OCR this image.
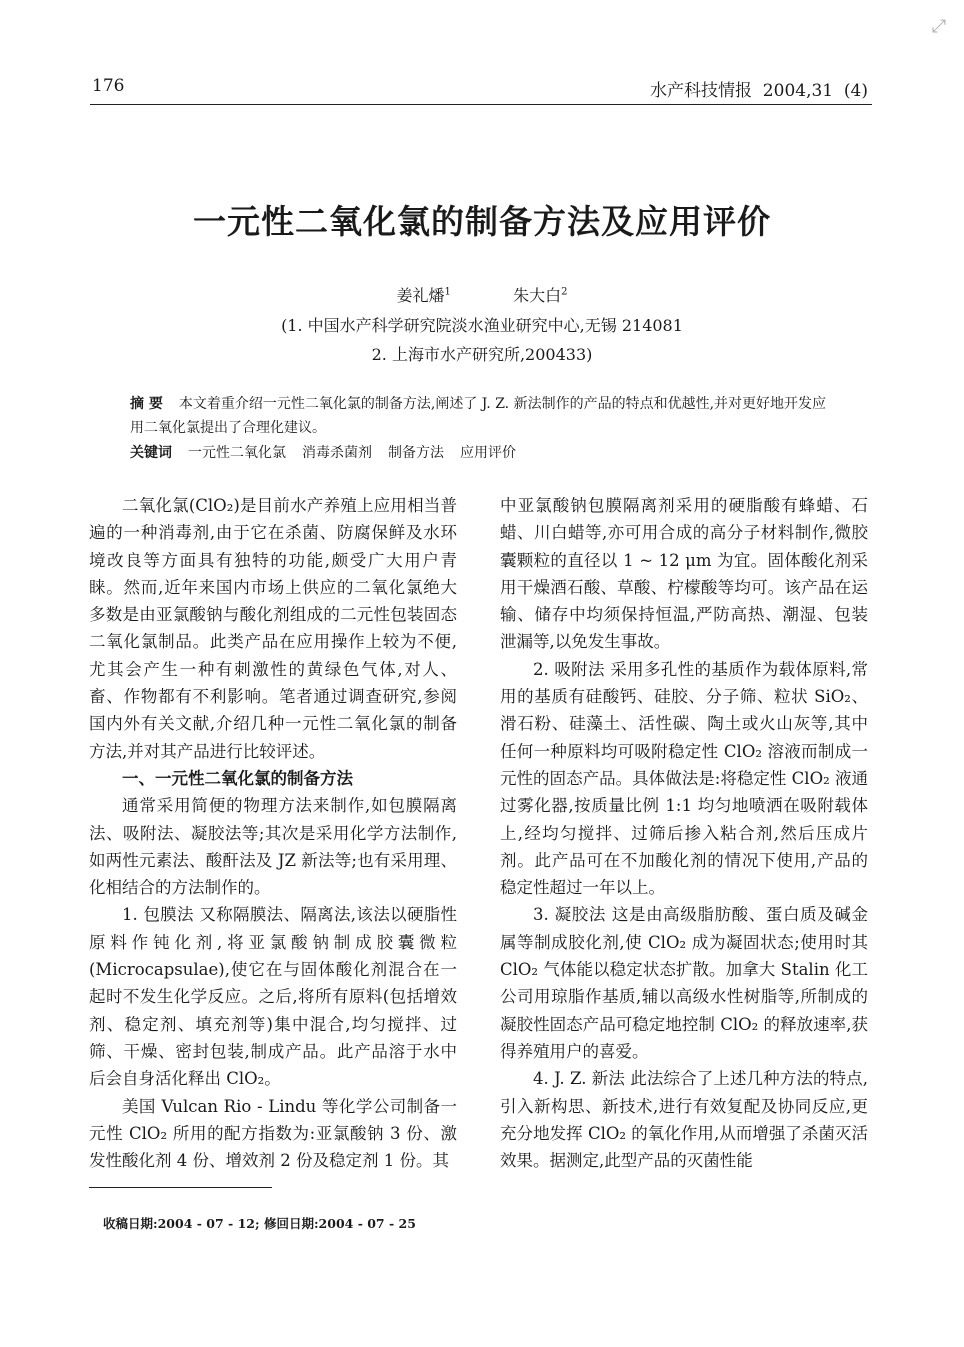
⤢
176	水产科技情报  2004,31  (4)
一元性二氧化氯的制备方法及应用评价
姜礼燔$^1$	朱大白$^2$
(1. 中国水产科学研究院淡水渔业研究中心,无锡 214081
2. 上海市水产研究所,200433)
摘 要 本文着重介绍一元性二氧化氯的制备方法,阐述了 J. Z. 新法制作的产品的特点和优越性,并对更好地开发应用二氧化氯提出了合理化建议。
关键词 一元性二氧化氯 消毒杀菌剂 制备方法 应用评价

二氧化氯(ClO₂)是目前水产养殖上应用相当普遍的一种消毒剂,由于它在杀菌、防腐保鲜及水环境改良等方面具有独特的功能,颇受广大用户青睐。然而,近年来国内市场上供应的二氧化氯绝大多数是由亚氯酸钠与酸化剂组成的二元性包装固态二氧化氯制品。此类产品在应用操作上较为不便,尤其会产生一种有刺激性的黄绿色气体,对人、畜、作物都有不利影响。笔者通过调查研究,参阅国内外有关文献,介绍几种一元性二氧化氯的制备方法,并对其产品进行比较评述。

一、一元性二氧化氯的制备方法

通常采用简便的物理方法来制作,如包膜隔离法、吸附法、凝胶法等;其次是采用化学方法制作,如两性元素法、酸酐法及 JZ 新法等;也有采用理、化相结合的方法制作的。

1. 包膜法 又称隔膜法、隔离法,该法以硬脂性原料作钝化剂,将亚氯酸钠制成胶囊微粒(Microcapsulae),使它在与固体酸化剂混合在一起时不发生化学反应。之后,将所有原料(包括增效剂、稳定剂、填充剂等)集中混合,均匀搅拌、过筛、干燥、密封包装,制成产品。此产品溶于水中后会自身活化释出 ClO₂。

美国 Vulcan Rio - Lindu 等化学公司制备一元性 ClO₂ 所用的配方指数为:亚氯酸钠 3 份、激发性酸化剂 4 份、增效剂 2 份及稳定剂 1 份。其

中亚氯酸钠包膜隔离剂采用的硬脂酸有蜂蜡、石蜡、川白蜡等,亦可用合成的高分子材料制作,微胶囊颗粒的直径以 1 ~ 12 μm 为宜。固体酸化剂采用干燥酒石酸、草酸、柠檬酸等均可。该产品在运输、储存中均须保持恒温,严防高热、潮湿、包装泄漏等,以免发生事故。

2. 吸附法 采用多孔性的基质作为载体原料,常用的基质有硅酸钙、硅胶、分子筛、粒状 SiO₂、滑石粉、硅藻土、活性碳、陶土或火山灰等,其中任何一种原料均可吸附稳定性 ClO₂ 溶液而制成一元性的固态产品。具体做法是:将稳定性 ClO₂ 液通过雾化器,按质量比例 1:1 均匀地喷洒在吸附载体上,经均匀搅拌、过筛后掺入粘合剂,然后压成片剂。此产品可在不加酸化剂的情况下使用,产品的稳定性超过一年以上。

3. 凝胶法 这是由高级脂肪酸、蛋白质及碱金属等制成胶化剂,使 ClO₂ 成为凝固状态;使用时其 ClO₂ 气体能以稳定状态扩散。加拿大 Stalin 化工公司用琼脂作基质,辅以高级水性树脂等,所制成的凝胶性固态产品可稳定地控制 ClO₂ 的释放速率,获得养殖用户的喜爱。

4. J. Z. 新法 此法综合了上述几种方法的特点,引入新构思、新技术,进行有效复配及协同反应,更充分地发挥 ClO₂ 的氧化作用,从而增强了杀菌灭活效果。据测定,此型产品的灭菌性能

收稿日期:2004 - 07 - 12; 修回日期:2004 - 07 - 25
